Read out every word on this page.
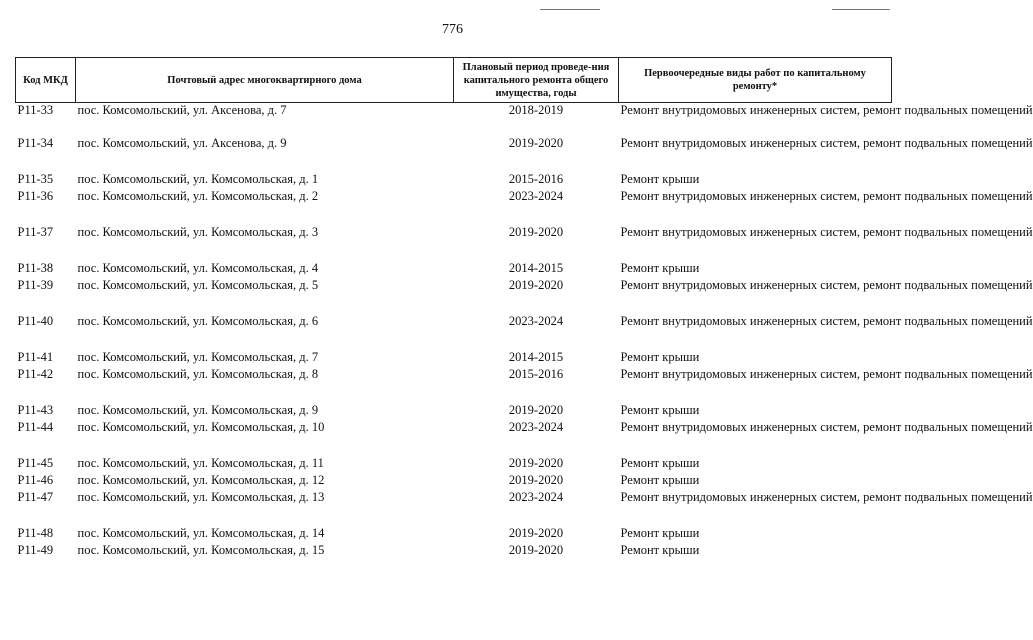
776
Код МКД	Почтовый адрес многоквартирного дома	Плановый период проведе-ния капитального ремонта общего имущества, годы	Первоочередные виды работ по капитальному ремонту*
Р11-33	пос. Комсомольский, ул. Аксенова, д. 7	2018-2019	Ремонт внутридомовых инженерных систем, ремонт подвальных помещений
Р11-34	пос. Комсомольский, ул. Аксенова, д. 9	2019-2020	Ремонт внутридомовых инженерных систем, ремонт подвальных помещений
Р11-35	пос. Комсомольский, ул. Комсомольская, д. 1	2015-2016	Ремонт крыши
Р11-36	пос. Комсомольский, ул. Комсомольская, д. 2	2023-2024	Ремонт внутридомовых инженерных систем, ремонт подвальных помещений
Р11-37	пос. Комсомольский, ул. Комсомольская, д. 3	2019-2020	Ремонт внутридомовых инженерных систем, ремонт подвальных помещений
Р11-38	пос. Комсомольский, ул. Комсомольская, д. 4	2014-2015	Ремонт крыши
Р11-39	пос. Комсомольский, ул. Комсомольская, д. 5	2019-2020	Ремонт внутридомовых инженерных систем, ремонт подвальных помещений
Р11-40	пос. Комсомольский, ул. Комсомольская, д. 6	2023-2024	Ремонт внутридомовых инженерных систем, ремонт подвальных помещений
Р11-41	пос. Комсомольский, ул. Комсомольская, д. 7	2014-2015	Ремонт крыши
Р11-42	пос. Комсомольский, ул. Комсомольская, д. 8	2015-2016	Ремонт внутридомовых инженерных систем, ремонт подвальных помещений
Р11-43	пос. Комсомольский, ул. Комсомольская, д. 9	2019-2020	Ремонт крыши
Р11-44	пос. Комсомольский, ул. Комсомольская, д. 10	2023-2024	Ремонт внутридомовых инженерных систем, ремонт подвальных помещений
Р11-45	пос. Комсомольский, ул. Комсомольская, д. 11	2019-2020	Ремонт крыши
Р11-46	пос. Комсомольский, ул. Комсомольская, д. 12	2019-2020	Ремонт крыши
Р11-47	пос. Комсомольский, ул. Комсомольская, д. 13	2023-2024	Ремонт внутридомовых инженерных систем, ремонт подвальных помещений
Р11-48	пос. Комсомольский, ул. Комсомольская, д. 14	2019-2020	Ремонт крыши
Р11-49	пос. Комсомольский, ул. Комсомольская, д. 15	2019-2020	Ремонт крыши
